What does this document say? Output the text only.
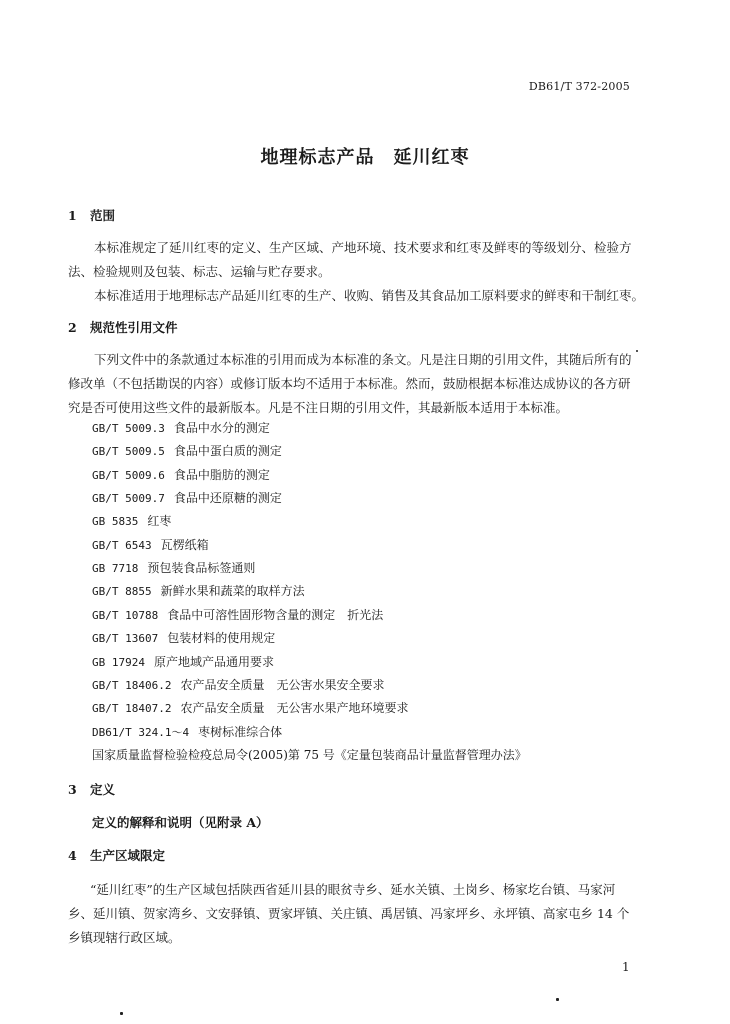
DB61/T 372-2005
地理标志产品　延川红枣
1 范围
本标准规定了延川红枣的定义、生产区域、产地环境、技术要求和红枣及鲜枣的等级划分、检验方
法、检验规则及包装、标志、运输与贮存要求。
本标准适用于地理标志产品延川红枣的生产、收购、销售及其食品加工原料要求的鲜枣和干制红枣。
2 规范性引用文件
下列文件中的条款通过本标准的引用而成为本标准的条文。凡是注日期的引用文件，其随后所有的
修改单（不包括勘误的内容）或修订版本均不适用于本标准。然而，鼓励根据本标准达成协议的各方研
究是否可使用这些文件的最新版本。凡是不注日期的引用文件，其最新版本适用于本标准。
GB/T 5009.3 食品中水分的测定
GB/T 5009.5 食品中蛋白质的测定
GB/T 5009.6 食品中脂肪的测定
GB/T 5009.7 食品中还原糖的测定
GB 5835 红枣
GB/T 6543 瓦楞纸箱
GB 7718 预包装食品标签通则
GB/T 8855 新鲜水果和蔬菜的取样方法
GB/T 10788 食品中可溶性固形物含量的测定　折光法
GB/T 13607 包装材料的使用规定
GB 17924 原产地域产品通用要求
GB/T 18406.2 农产品安全质量　无公害水果安全要求
GB/T 18407.2 农产品安全质量　无公害水果产地环境要求
DB61/T 324.1～4 枣树标准综合体
国家质量监督检验检疫总局令(2005)第 75 号《定量包装商品计量监督管理办法》
3 定义
定义的解释和说明（见附录 A）
4 生产区域限定
“延川红枣”的生产区域包括陕西省延川县的眼贫寺乡、延水关镇、土岗乡、杨家圪台镇、马家河
乡、延川镇、贺家湾乡、文安驿镇、贾家坪镇、关庄镇、禹居镇、冯家坪乡、永坪镇、高家屯乡 14 个
乡镇现辖行政区域。
1
